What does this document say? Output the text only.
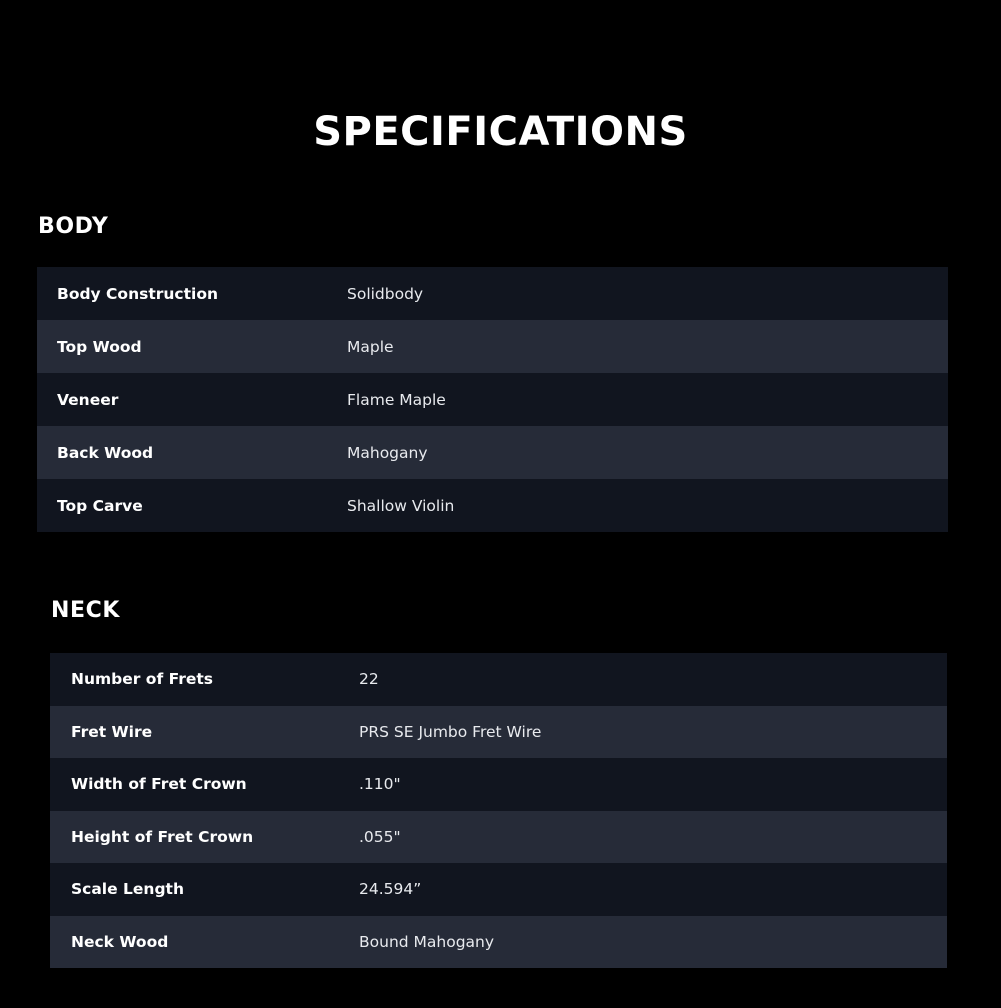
SPECIFICATIONS
BODY
Body Construction	Solidbody
Top Wood	Maple
Veneer	Flame Maple
Back Wood	Mahogany
Top Carve	Shallow Violin
NECK
Number of Frets	22
Fret Wire	PRS SE Jumbo Fret Wire
Width of Fret Crown	.110"
Height of Fret Crown	.055"
Scale Length	24.594”
Neck Wood	Bound Mahogany
